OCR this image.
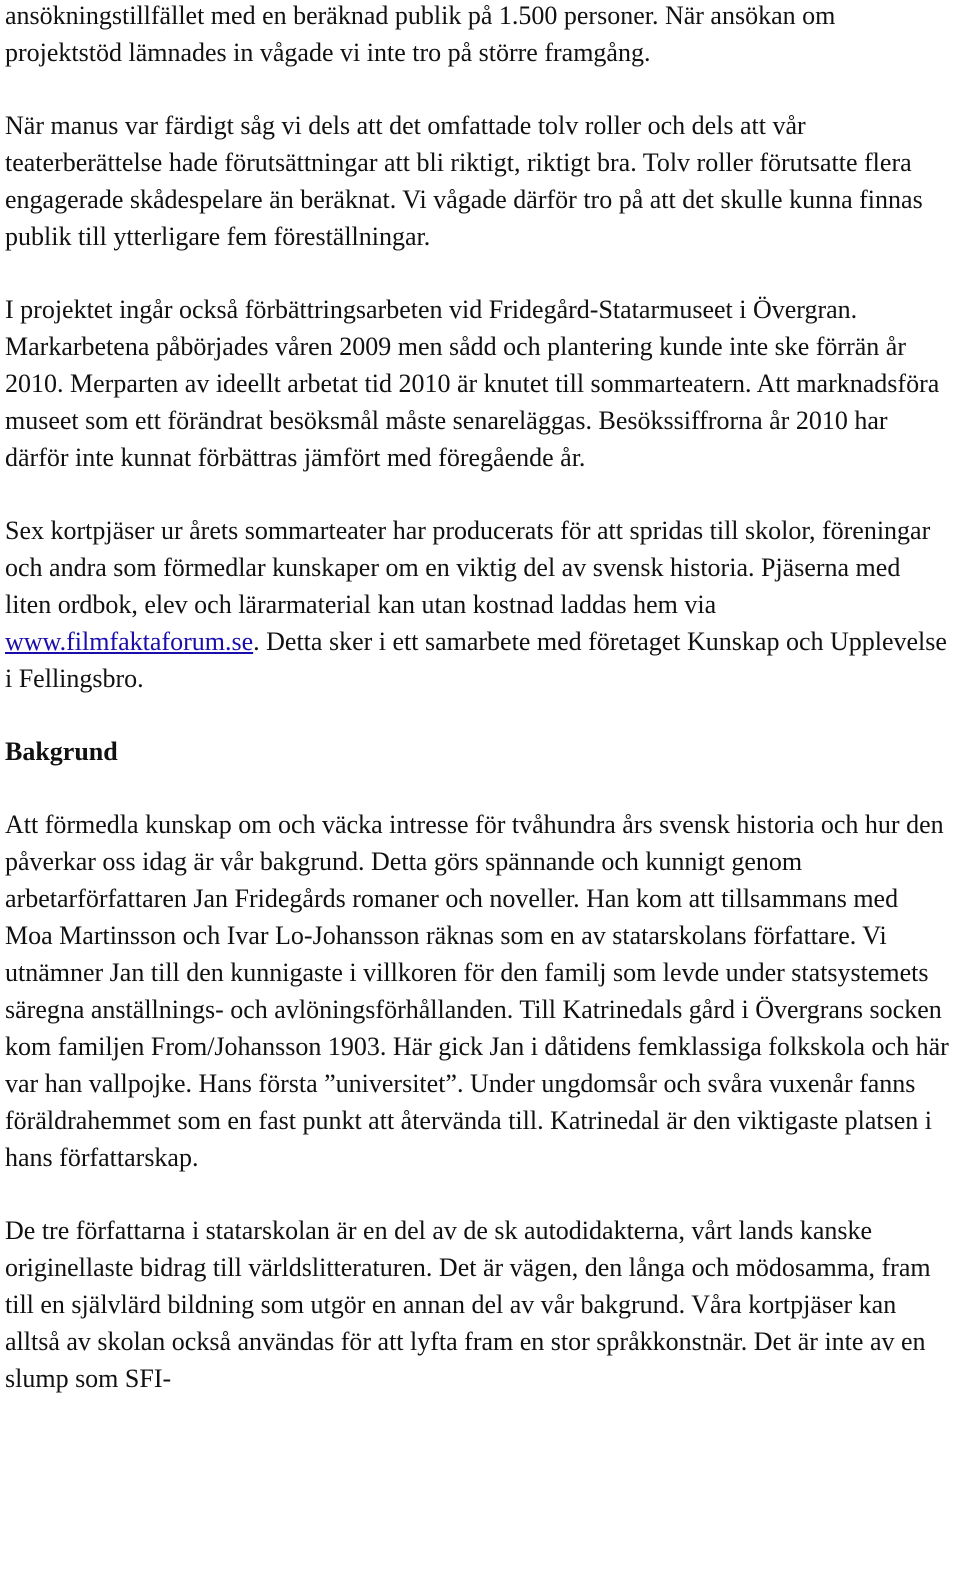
ansökningstillfället med en beräknad publik på 1.500 personer. När ansökan om projektstöd lämnades in vågade vi inte tro på större framgång.

När manus var färdigt såg vi dels att det omfattade tolv roller och dels att vår teaterberättelse hade förutsättningar att bli riktigt, riktigt bra. Tolv roller förutsatte flera engagerade skådespelare än beräknat. Vi vågade därför tro på att det skulle kunna finnas publik till ytterligare fem föreställningar.

I projektet ingår också förbättringsarbeten vid Fridegård-Statarmuseet i Övergran. Markarbetena påbörjades våren 2009 men sådd och plantering kunde inte ske förrän år 2010. Merparten av ideellt arbetat tid 2010 är knutet till sommarteatern. Att marknadsföra museet som ett förändrat besöksmål måste senareläggas. Besökssiffrorna år 2010 har därför inte kunnat förbättras jämfört med föregående år.

Sex kortpjäser ur årets sommarteater har producerats för att spridas till skolor, föreningar och andra som förmedlar kunskaper om en viktig del av svensk historia. Pjäserna med liten ordbok, elev och lärarmaterial kan utan kostnad laddas hem via www.filmfaktaforum.se. Detta sker i ett samarbete med företaget Kunskap och Upplevelse i Fellingsbro.

Bakgrund

Att förmedla kunskap om och väcka intresse för tvåhundra års svensk historia och hur den påverkar oss idag är vår bakgrund. Detta görs spännande och kunnigt genom arbetarförfattaren Jan Fridegårds romaner och noveller. Han kom att tillsammans med Moa Martinsson och Ivar Lo-Johansson räknas som en av statarskolans författare. Vi utnämner Jan till den kunnigaste i villkoren för den familj som levde under statsystemets säregna anställnings- och avlöningsförhållanden. Till Katrinedals gård i Övergrans socken kom familjen From/Johansson 1903. Här gick Jan i dåtidens femklassiga folkskola och här var han vallpojke. Hans första ”universitet”. Under ungdomsår och svåra vuxenår fanns föräldrahemmet som en fast punkt att återvända till. Katrinedal är den viktigaste platsen i hans författarskap.

De tre författarna i statarskolan är en del av de sk autodidakterna, vårt lands kanske originellaste bidrag till världslitteraturen. Det är vägen, den långa och mödosamma, fram till en självlärd bildning som utgör en annan del av vår bakgrund. Våra kortpjäser kan alltså av skolan också användas för att lyfta fram en stor språkkonstnär. Det är inte av en slump som SFI-
